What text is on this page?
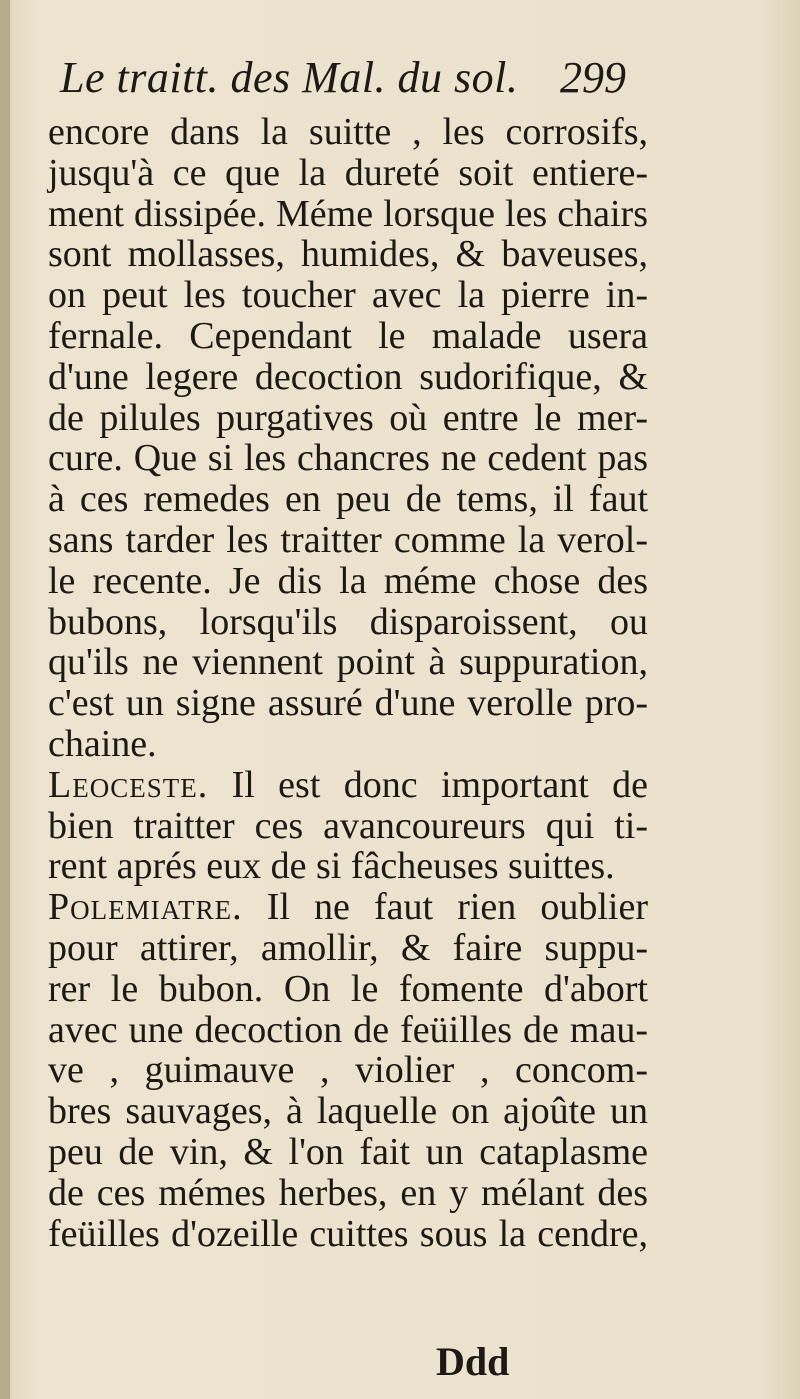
Le traitt. des Mal. du sol. 299
encore dans la suitte , les corrosifs,
jusqu'à ce que la dureté soit entiere-
ment dissipée. Méme lorsque les chairs
sont mollasses, humides, & baveuses,
on peut les toucher avec la pierre in-
fernale. Cependant le malade usera
d'une legere decoction sudorifique, &
de pilules purgatives où entre le mer-
cure. Que si les chancres ne cedent pas
à ces remedes en peu de tems, il faut
sans tarder les traitter comme la verol-
le recente. Je dis la méme chose des
bubons, lorsqu'ils disparoissent, ou
qu'ils ne viennent point à suppuration,
c'est un signe assuré d'une verolle pro-
chaine.
Leoceste. Il est donc important de
bien traitter ces avancoureurs qui ti-
rent aprés eux de si fâcheuses suittes.
Polemiatre. Il ne faut rien oublier
pour attirer, amollir, & faire suppu-
rer le bubon. On le fomente d'abort
avec une decoction de feüilles de mau-
ve , guimauve , violier , concom-
bres sauvages, à laquelle on ajoûte un
peu de vin, & l'on fait un cataplasme
de ces mémes herbes, en y mélant des
feüilles d'ozeille cuittes sous la cendre,
Ddd
